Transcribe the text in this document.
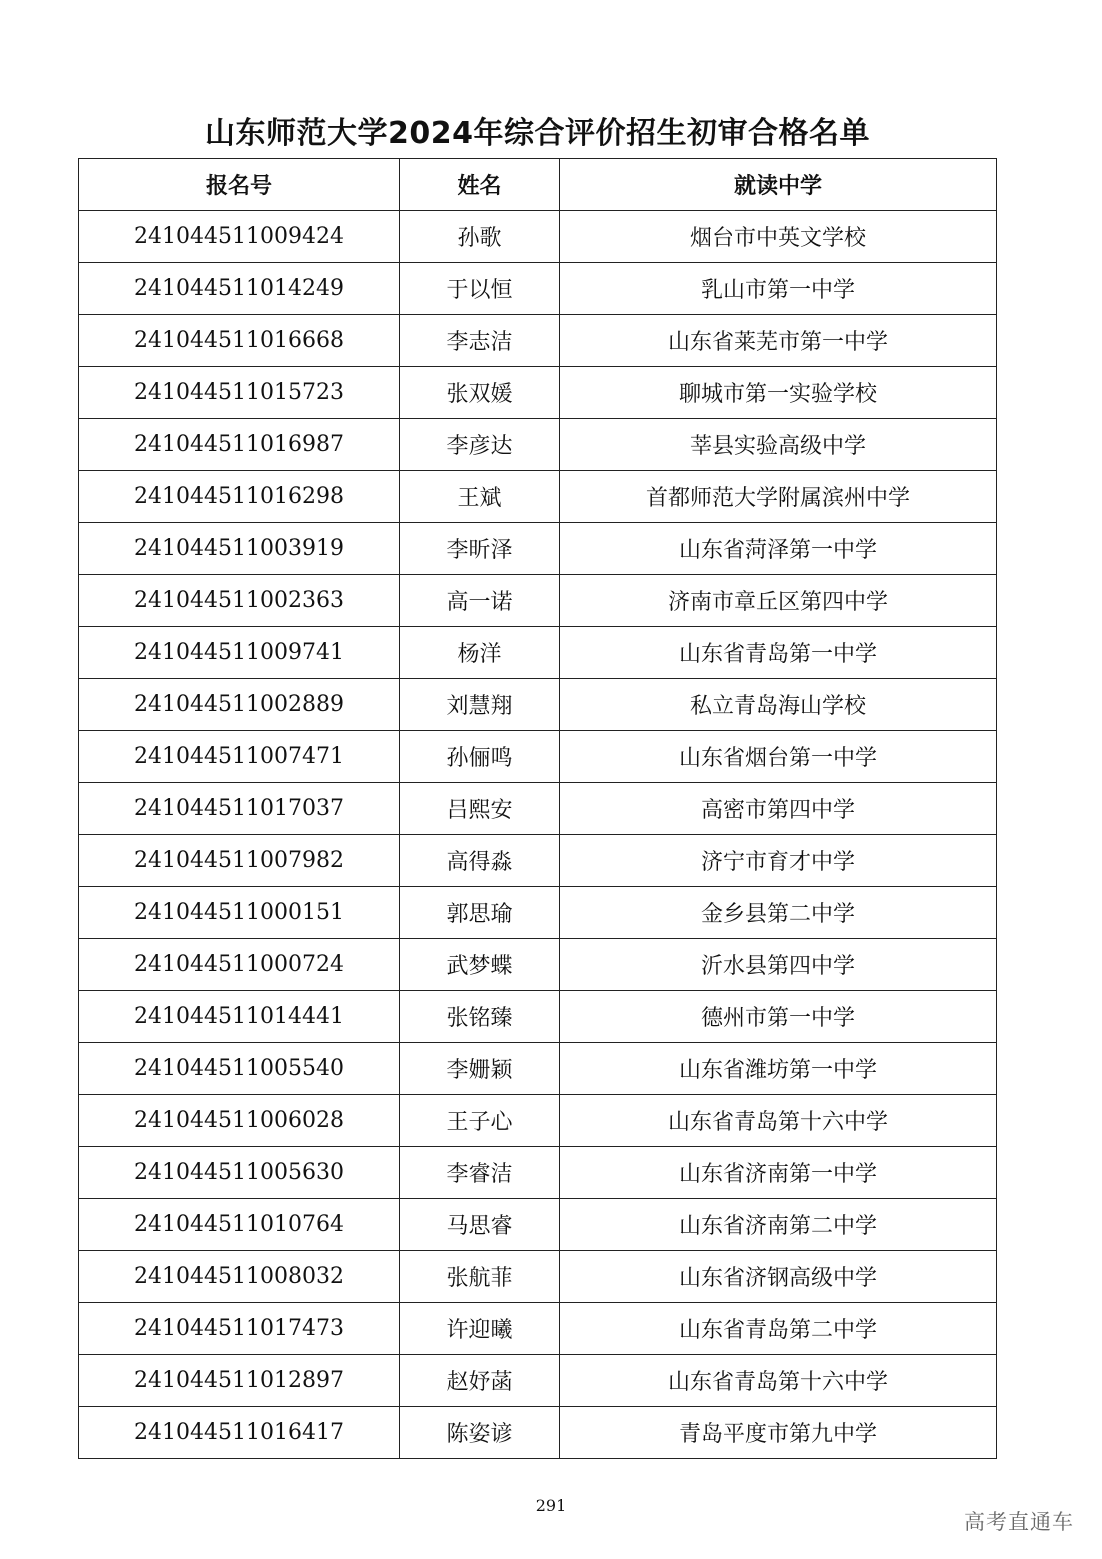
山东师范大学2024年综合评价招生初审合格名单
报名号	姓名	就读中学
241044511009424	孙歌	烟台市中英文学校
241044511014249	于以恒	乳山市第一中学
241044511016668	李志洁	山东省莱芜市第一中学
241044511015723	张双媛	聊城市第一实验学校
241044511016987	李彦达	莘县实验高级中学
241044511016298	王斌	首都师范大学附属滨州中学
241044511003919	李昕泽	山东省菏泽第一中学
241044511002363	高一诺	济南市章丘区第四中学
241044511009741	杨洋	山东省青岛第一中学
241044511002889	刘慧翔	私立青岛海山学校
241044511007471	孙俪鸣	山东省烟台第一中学
241044511017037	吕熙安	高密市第四中学
241044511007982	高得淼	济宁市育才中学
241044511000151	郭思瑜	金乡县第二中学
241044511000724	武梦蝶	沂水县第四中学
241044511014441	张铭臻	德州市第一中学
241044511005540	李姗颖	山东省潍坊第一中学
241044511006028	王子心	山东省青岛第十六中学
241044511005630	李睿洁	山东省济南第一中学
241044511010764	马思睿	山东省济南第二中学
241044511008032	张航菲	山东省济钢高级中学
241044511017473	许迎曦	山东省青岛第二中学
241044511012897	赵妤菡	山东省青岛第十六中学
241044511016417	陈姿谚	青岛平度市第九中学
291
高考直通车
